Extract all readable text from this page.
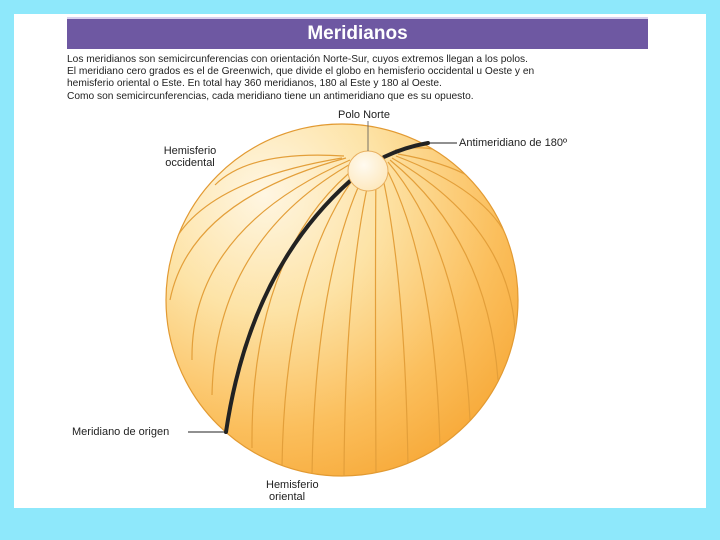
Meridianos

Los meridianos son semicircunferencias con orientación Norte-Sur, cuyos extremos llegan a los polos.

El meridiano cero grados es el de Greenwich, que divide el globo en hemisferio occidental u Oeste y en

hemisferio oriental o Este. En total hay 360 meridianos, 180 al Este y 180 al Oeste.

Como son semicircunferencias, cada meridiano tiene un antimeridiano que es su opuesto.

Polo Norte
Antimeridiano de 180º
Hemisferio
occidental
Meridiano de origen
Hemisferio
oriental
